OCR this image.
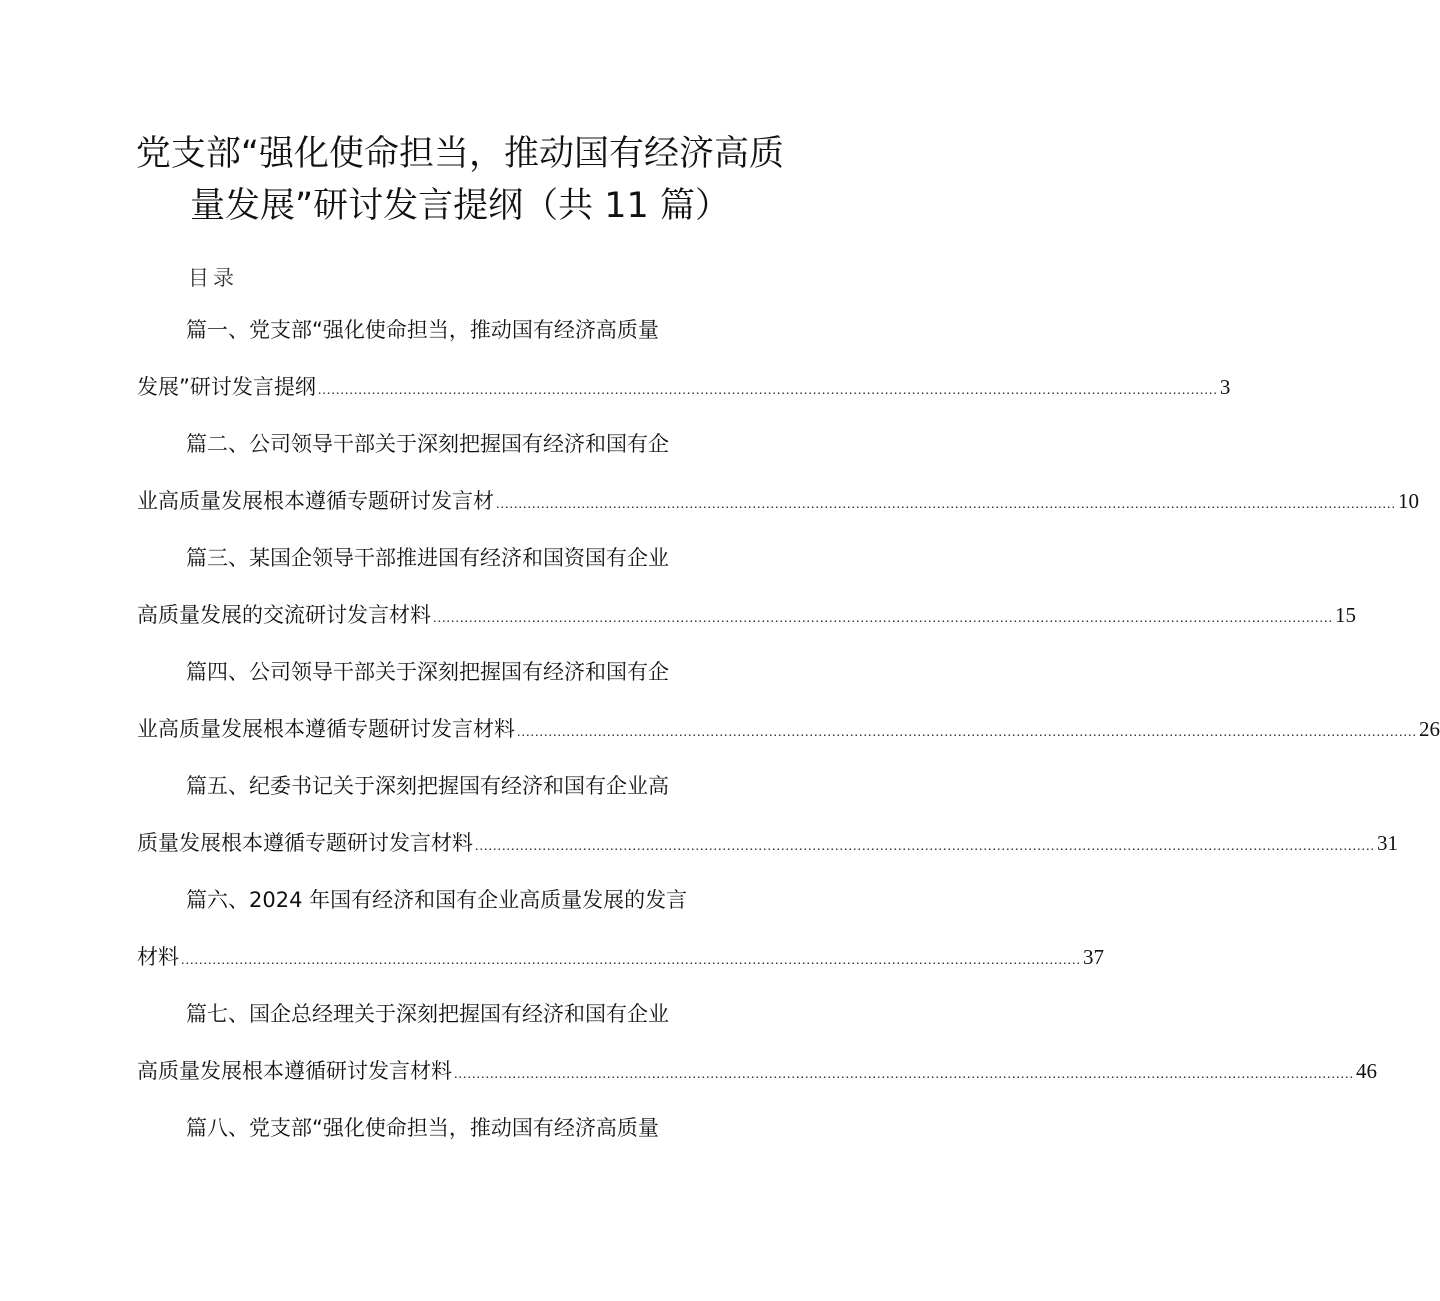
党支部“强化使命担当，推动国有经济高质
量发展”研讨发言提纲（共 11 篇）
目录
篇一、党支部“强化使命担当，推动国有经济高质量
发展”研讨发言提纲 ........................................................................................................................................................................................................ 3
篇二、公司领导干部关于深刻把握国有经济和国有企
业高质量发展根本遵循专题研讨发言材 ........................................................................................................................................................................................................ 10
篇三、某国企领导干部推进国有经济和国资国有企业
高质量发展的交流研讨发言材料 ........................................................................................................................................................................................................ 15
篇四、公司领导干部关于深刻把握国有经济和国有企
业高质量发展根本遵循专题研讨发言材料 ........................................................................................................................................................................................................ 26
篇五、纪委书记关于深刻把握国有经济和国有企业高
质量发展根本遵循专题研讨发言材料 ........................................................................................................................................................................................................ 31
篇六、2024 年国有经济和国有企业高质量发展的发言
材料 ........................................................................................................................................................................................................ 37
篇七、国企总经理关于深刻把握国有经济和国有企业
高质量发展根本遵循研讨发言材料 ........................................................................................................................................................................................................ 46
篇八、党支部“强化使命担当，推动国有经济高质量
